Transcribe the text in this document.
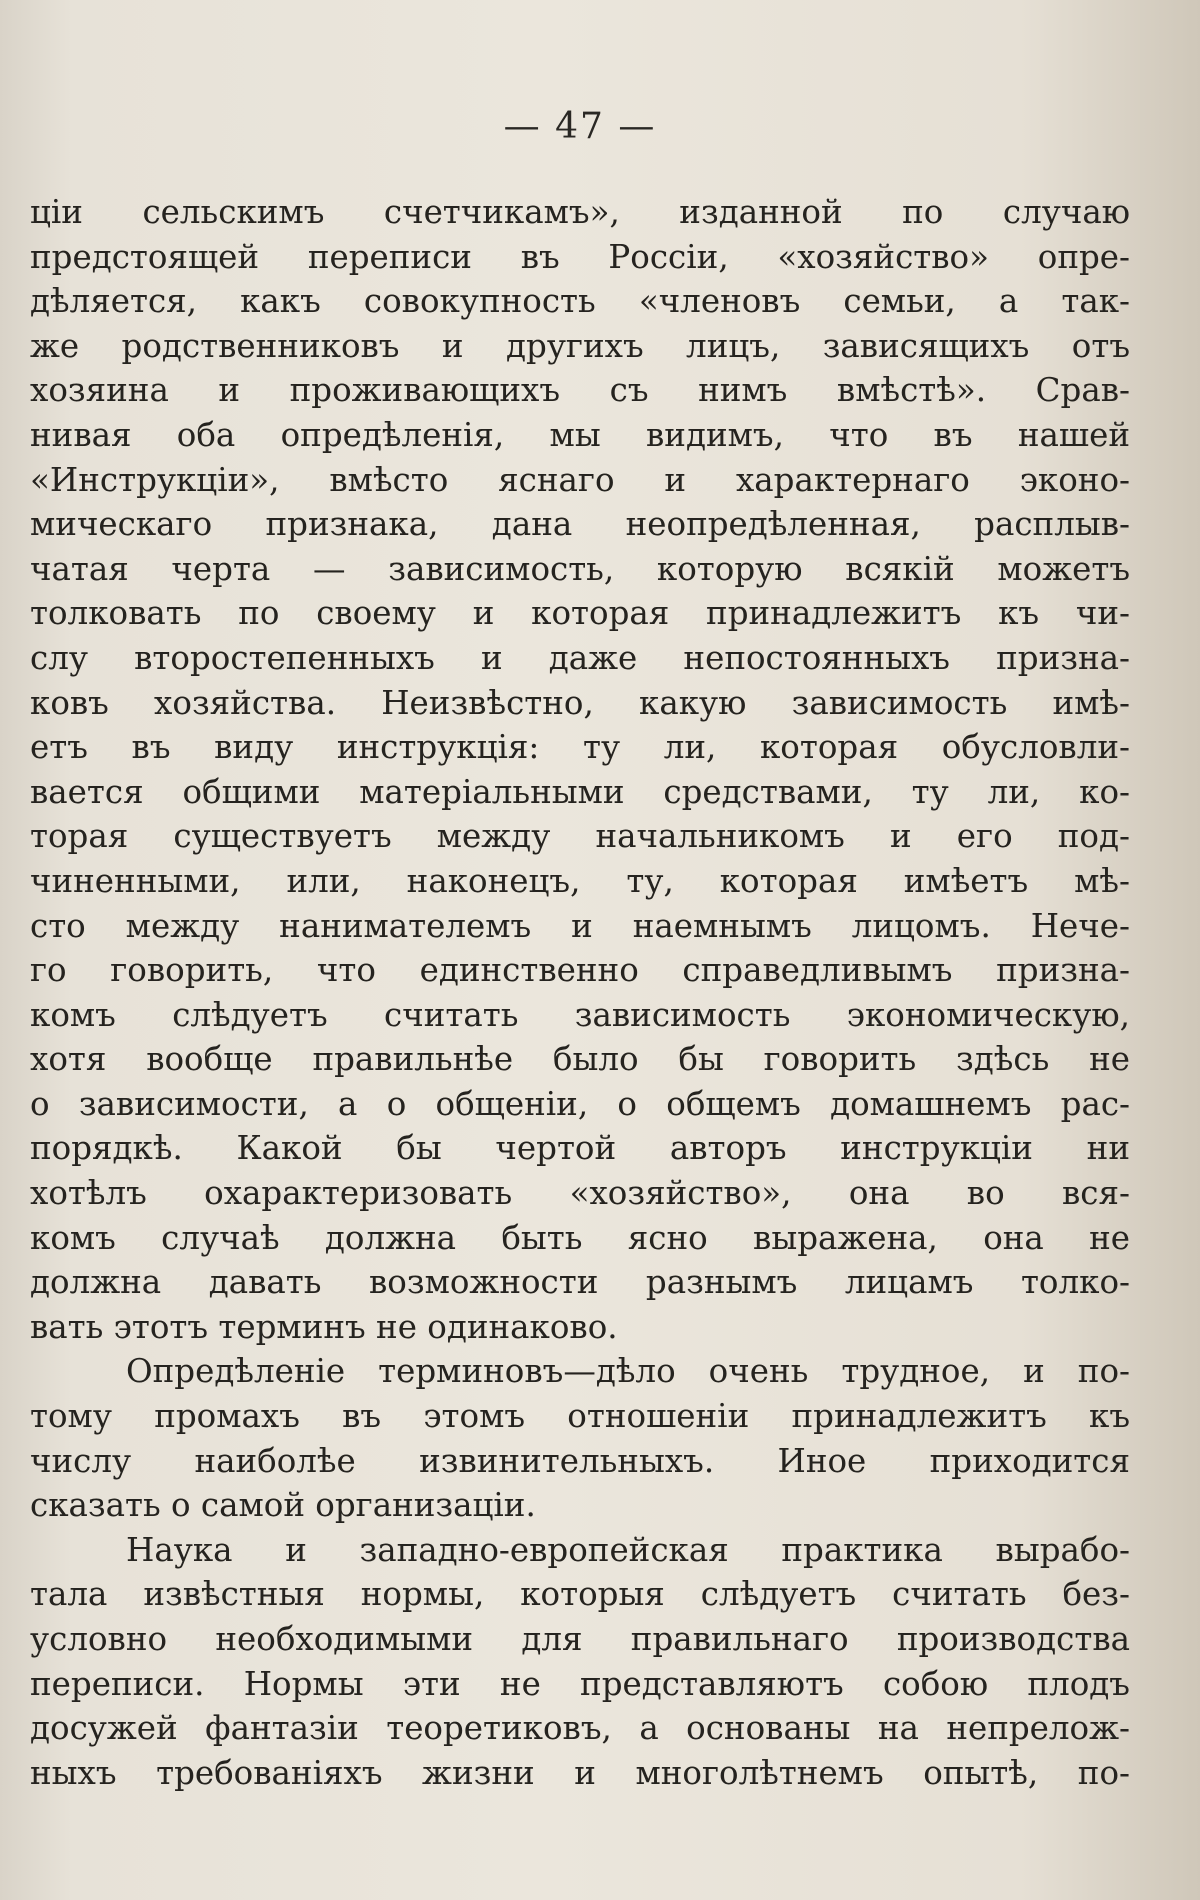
— 47 —
ціи сельскимъ счетчикамъ», изданной по случаю
предстоящей переписи въ Россіи, «хозяйство» опре-
дѣляется, какъ совокупность «членовъ семьи, а так-
же родственниковъ и другихъ лицъ, зависящихъ отъ
хозяина и проживающихъ съ нимъ вмѣстѣ». Срав-
нивая оба опредѣленія, мы видимъ, что въ нашей
«Инструкціи», вмѣсто яснаго и характернаго эконо-
мическаго признака, дана неопредѣленная, расплыв-
чатая черта — зависимость, которую всякій можетъ
толковать по своему и которая принадлежитъ къ чи-
слу второстепенныхъ и даже непостоянныхъ призна-
ковъ хозяйства. Неизвѣстно, какую зависимость имѣ-
етъ въ виду инструкція: ту ли, которая обусловли-
вается общими матеріальными средствами, ту ли, ко-
торая существуетъ между начальникомъ и его под-
чиненными, или, наконецъ, ту, которая имѣетъ мѣ-
сто между нанимателемъ и наемнымъ лицомъ. Нече-
го говорить, что единственно справедливымъ призна-
комъ слѣдуетъ считать зависимость экономическую,
хотя вообще правильнѣе было бы говорить здѣсь не
о зависимости, а о общеніи, о общемъ домашнемъ рас-
порядкѣ. Какой бы чертой авторъ инструкціи ни
хотѣлъ охарактеризовать «хозяйство», она во вся-
комъ случаѣ должна быть ясно выражена, она не
должна давать возможности разнымъ лицамъ толко-
вать этотъ терминъ не одинаково.
Опредѣленіе терминовъ—дѣло очень трудное, и по-
тому промахъ въ этомъ отношеніи принадлежитъ къ
числу наиболѣе извинительныхъ. Иное приходится
сказать о самой организаціи.
Наука и западно-европейская практика вырабо-
тала извѣстныя нормы, которыя слѣдуетъ считать без-
условно необходимыми для правильнаго производства
переписи. Нормы эти не представляютъ собою плодъ
досужей фантазіи теоретиковъ, а основаны на непрелож-
ныхъ требованіяхъ жизни и многолѣтнемъ опытѣ, по-
